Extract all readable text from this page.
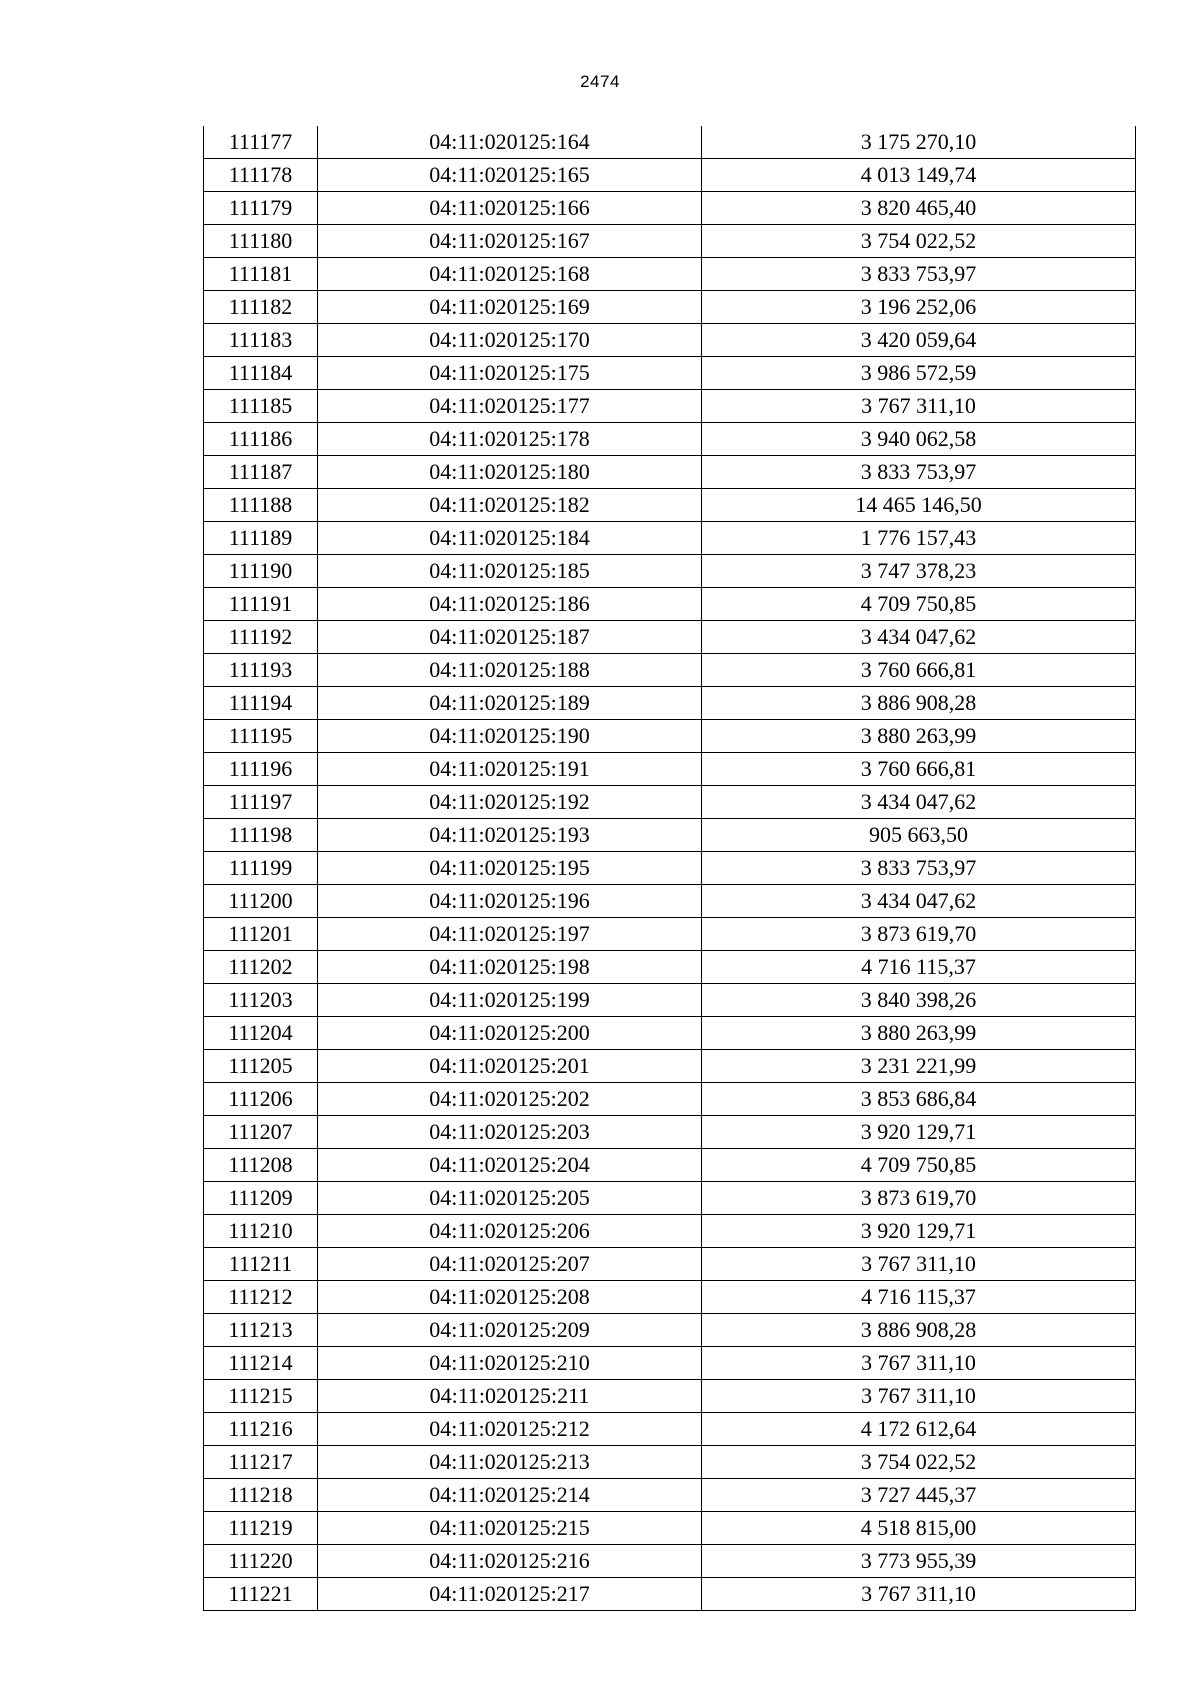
2474
111177	04:11:020125:164	3 175 270,10
111178	04:11:020125:165	4 013 149,74
111179	04:11:020125:166	3 820 465,40
111180	04:11:020125:167	3 754 022,52
111181	04:11:020125:168	3 833 753,97
111182	04:11:020125:169	3 196 252,06
111183	04:11:020125:170	3 420 059,64
111184	04:11:020125:175	3 986 572,59
111185	04:11:020125:177	3 767 311,10
111186	04:11:020125:178	3 940 062,58
111187	04:11:020125:180	3 833 753,97
111188	04:11:020125:182	14 465 146,50
111189	04:11:020125:184	1 776 157,43
111190	04:11:020125:185	3 747 378,23
111191	04:11:020125:186	4 709 750,85
111192	04:11:020125:187	3 434 047,62
111193	04:11:020125:188	3 760 666,81
111194	04:11:020125:189	3 886 908,28
111195	04:11:020125:190	3 880 263,99
111196	04:11:020125:191	3 760 666,81
111197	04:11:020125:192	3 434 047,62
111198	04:11:020125:193	905 663,50
111199	04:11:020125:195	3 833 753,97
111200	04:11:020125:196	3 434 047,62
111201	04:11:020125:197	3 873 619,70
111202	04:11:020125:198	4 716 115,37
111203	04:11:020125:199	3 840 398,26
111204	04:11:020125:200	3 880 263,99
111205	04:11:020125:201	3 231 221,99
111206	04:11:020125:202	3 853 686,84
111207	04:11:020125:203	3 920 129,71
111208	04:11:020125:204	4 709 750,85
111209	04:11:020125:205	3 873 619,70
111210	04:11:020125:206	3 920 129,71
111211	04:11:020125:207	3 767 311,10
111212	04:11:020125:208	4 716 115,37
111213	04:11:020125:209	3 886 908,28
111214	04:11:020125:210	3 767 311,10
111215	04:11:020125:211	3 767 311,10
111216	04:11:020125:212	4 172 612,64
111217	04:11:020125:213	3 754 022,52
111218	04:11:020125:214	3 727 445,37
111219	04:11:020125:215	4 518 815,00
111220	04:11:020125:216	3 773 955,39
111221	04:11:020125:217	3 767 311,10
